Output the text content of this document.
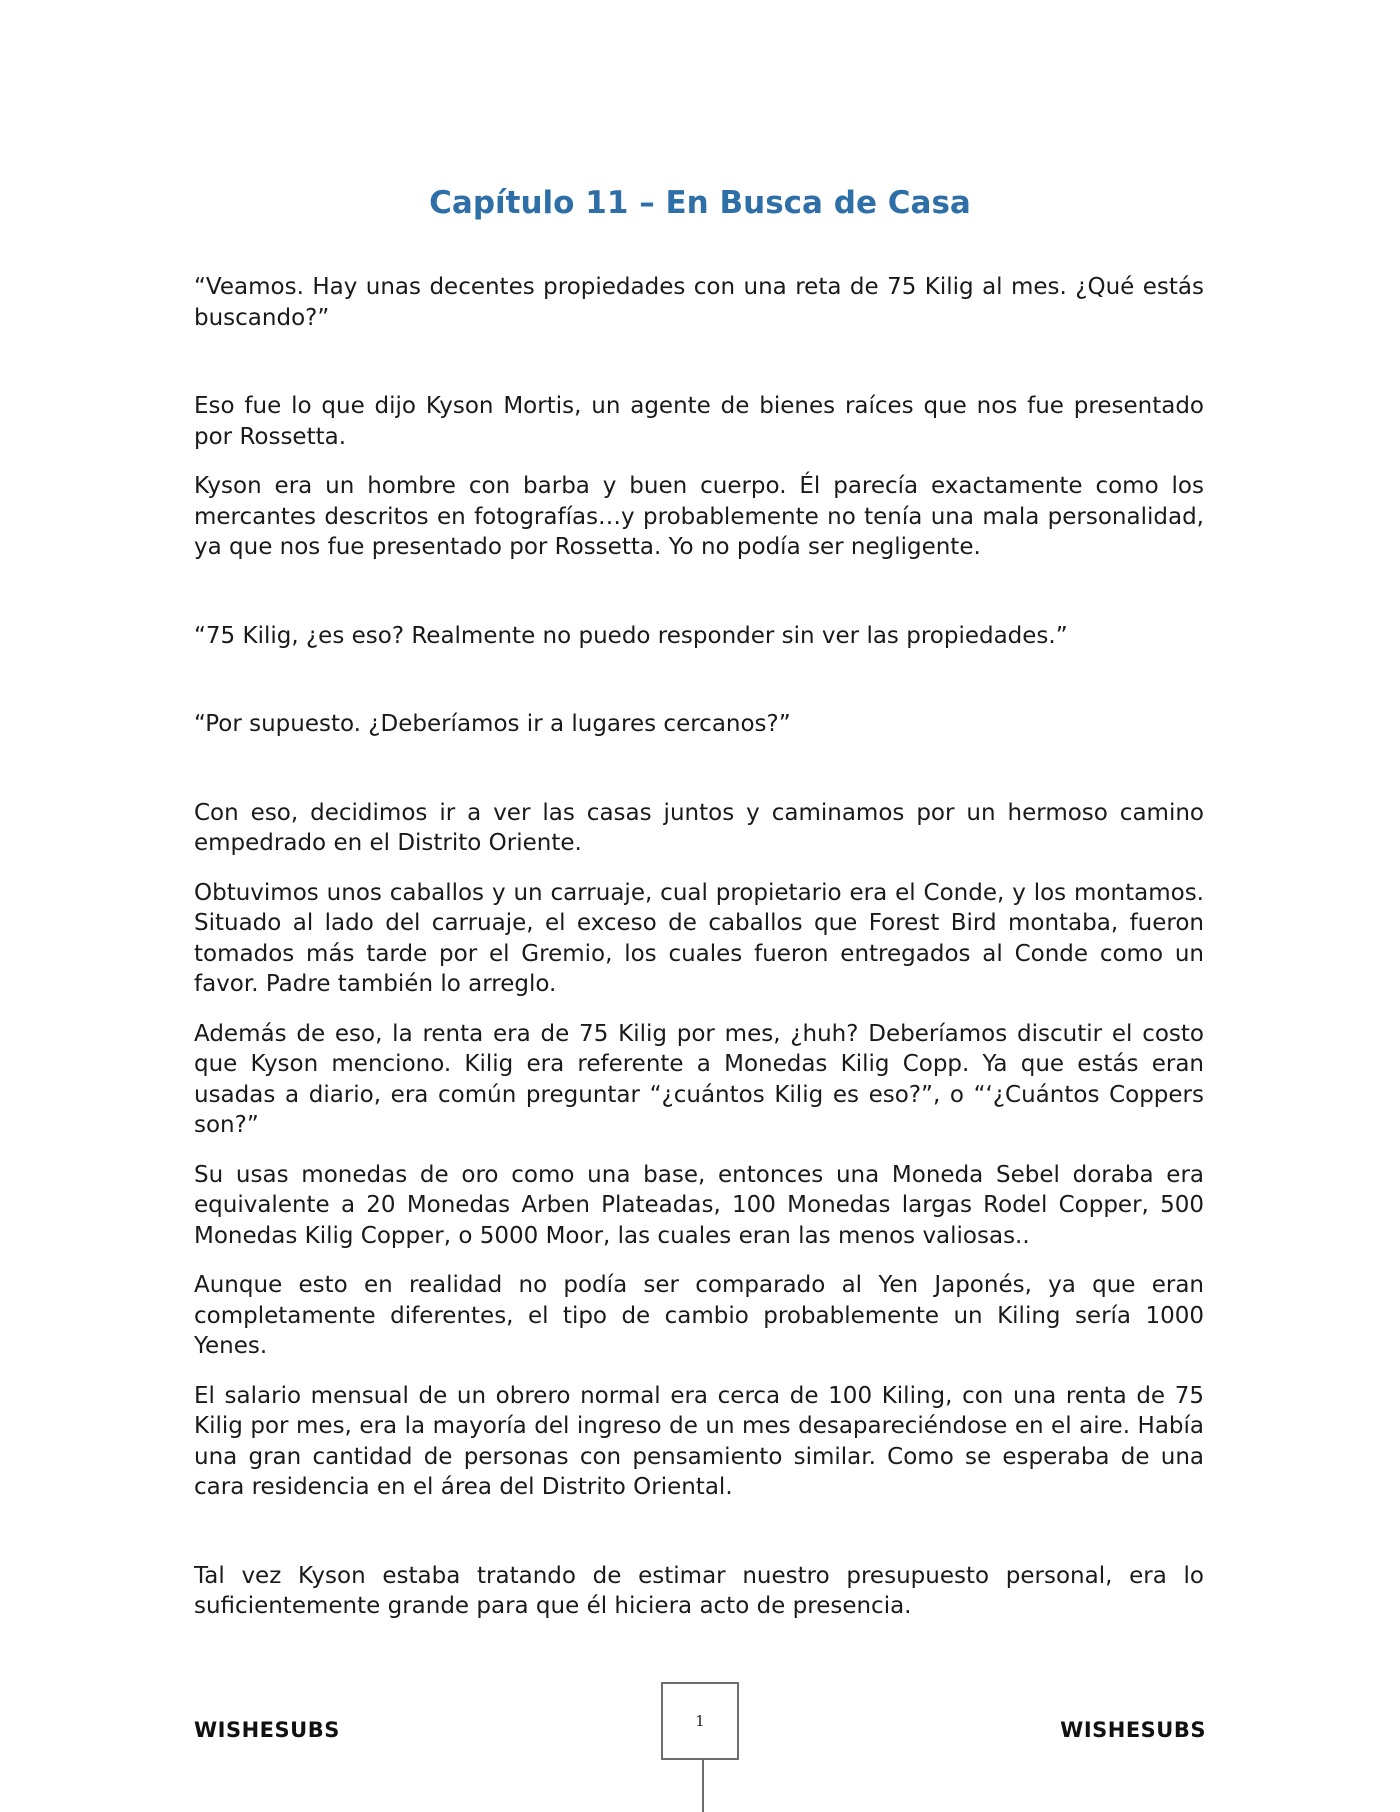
Capítulo 11 – En Busca de Casa

“Veamos. Hay unas decentes propiedades con una reta de 75 Kilig al mes. ¿Qué estás buscando?”

Eso fue lo que dijo Kyson Mortis, un agente de bienes raíces que nos fue presentado por Rossetta.

Kyson era un hombre con barba y buen cuerpo. Él parecía exactamente como los mercantes descritos en fotografías…y probablemente no tenía una mala personalidad, ya que nos fue presentado por Rossetta. Yo no podía ser negligente.

“75 Kilig, ¿es eso? Realmente no puedo responder sin ver las propiedades.”

“Por supuesto. ¿Deberíamos ir a lugares cercanos?”

Con eso, decidimos ir a ver las casas juntos y caminamos por un hermoso camino empedrado en el Distrito Oriente.

Obtuvimos unos caballos y un carruaje, cual propietario era el Conde, y los montamos. Situado al lado del carruaje, el exceso de caballos que Forest Bird montaba, fueron tomados más tarde por el Gremio, los cuales fueron entregados al Conde como un favor. Padre también lo arreglo.

Además de eso, la renta era de 75 Kilig por mes, ¿huh? Deberíamos discutir el costo que Kyson menciono. Kilig era referente a Monedas Kilig Copp. Ya que estás eran usadas a diario, era común preguntar “¿cuántos Kilig es eso?”, o “‘¿Cuántos Coppers son?”

Su usas monedas de oro como una base, entonces una Moneda Sebel doraba era equivalente a 20 Monedas Arben Plateadas, 100 Monedas largas Rodel Copper, 500 Monedas Kilig Copper, o 5000 Moor, las cuales eran las menos valiosas..

Aunque esto en realidad no podía ser comparado al Yen Japonés, ya que eran completamente diferentes, el tipo de cambio probablemente un Kiling sería 1000 Yenes.

El salario mensual de un obrero normal era cerca de 100 Kiling, con una renta de 75 Kilig por mes, era la mayoría del ingreso de un mes desapareciéndose en el aire. Había una gran cantidad de personas con pensamiento similar. Como se esperaba de una cara residencia en el área del Distrito Oriental.

Tal vez Kyson estaba tratando de estimar nuestro presupuesto personal, era lo suficientemente grande para que él hiciera acto de presencia.

WISHESUBS	1	WISHESUBS
